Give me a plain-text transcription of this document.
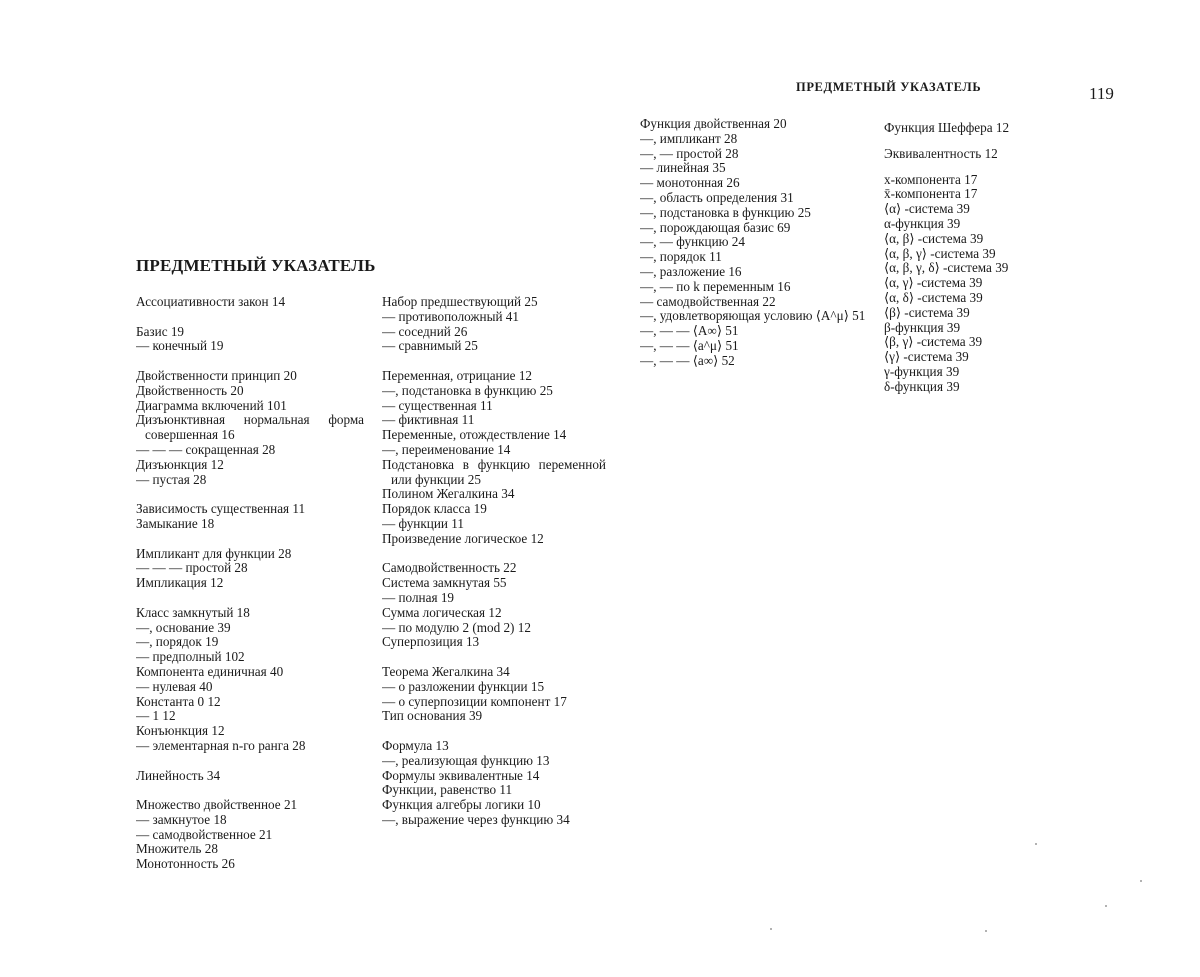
ПРЕДМЕТНЫЙ УКАЗАТЕЛЬ	119
ПРЕДМЕТНЫЙ УКАЗАТЕЛЬ
Ассоциативности закон 14
Базис 19
— конечный 19
Двойственности принцип 20
Двойственность 20
Диаграмма включений 101
Дизъюнктивная нормальная форма совершенная 16
— — — сокращенная 28
Дизъюнкция 12
— пустая 28
Зависимость существенная 11
Замыкание 18
Импликант для функции 28
— — — простой 28
Импликация 12
Класс замкнутый 18
—, основание 39
—, порядок 19
— предполный 102
Компонента единичная 40
— нулевая 40
Константа 0 12
— 1 12
Конъюнкция 12
— элементарная n-го ранга 28
Линейность 34
Множество двойственное 21
— замкнутое 18
— самодвойственное 21
Множитель 28
Монотонность 26
Набор предшествующий 25
— противоположный 41
— соседний 26
— сравнимый 25
Переменная, отрицание 12
—, подстановка в функцию 25
— существенная 11
— фиктивная 11
Переменные, отождествление 14
—, переименование 14
Подстановка в функцию переменной или функции 25
Полином Жегалкина 34
Порядок класса 19
— функции 11
Произведение логическое 12
Самодвойственность 22
Система замкнутая 55
— полная 19
Сумма логическая 12
— по модулю 2 (mod 2) 12
Суперпозиция 13
Теорема Жегалкина 34
— о разложении функции 15
— о суперпозиции компонент 17
Тип основания 39
Формула 13
—, реализующая функцию 13
Формулы эквивалентные 14
Функции, равенство 11
Функция алгебры логики 10
—, выражение через функцию 34
Функция двойственная 20
—, импликант 28
—, — простой 28
— линейная 35
— монотонная 26
—, область определения 31
—, подстановка в функцию 25
—, порождающая базис 69
—, — функцию 24
—, порядок 11
—, разложение 16
—, — по k переменным 16
— самодвойственная 22
—, удовлетворяющая условию ⟨A^μ⟩ 51
—, — — ⟨A∞⟩ 51
—, — — ⟨a^μ⟩ 51
—, — — ⟨a∞⟩ 52
Функция Шеффера 12
Эквивалентность 12
x-компонента 17
x̄-компонента 17
⟨α⟩ -система 39
α-функция 39
⟨α, β⟩ -система 39
⟨α, β, γ⟩ -система 39
⟨α, β, γ, δ⟩ -система 39
⟨α, γ⟩ -система 39
⟨α, δ⟩ -система 39
⟨β⟩ -система 39
β-функция 39
⟨β, γ⟩ -система 39
⟨γ⟩ -система 39
γ-функция 39
δ-функция 39
